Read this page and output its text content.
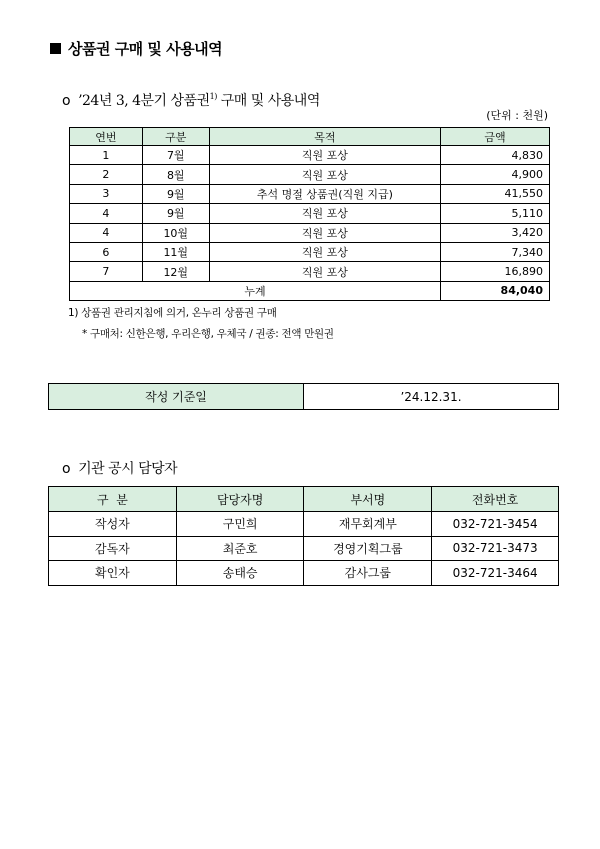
상품권 구매 및 사용내역
o ’24년 3, 4분기 상품권$^{1)}$ 구매 및 사용내역
(단위 : 천원)
연번	구분	목적	금액
1	7월	직원 포상	4,830
2	8월	직원 포상	4,900
3	9월	추석 명절 상품권(직원 지급)	41,550
4	9월	직원 포상	5,110
4	10월	직원 포상	3,420
6	11월	직원 포상	7,340
7	12월	직원 포상	16,890
누계			84,040
1) 상품권 관리지침에 의거, 온누리 상품권 구매
* 구매처: 신한은행, 우리은행, 우체국 / 권종: 전액 만원권
작성 기준일	’24.12.31.
o 기관 공시 담당자
구  분	담당자명	부서명	전화번호
작성자	구민희	재무회계부	032-721-3454
감독자	최준호	경영기획그룹	032-721-3473
확인자	송태승	감사그룹	032-721-3464
